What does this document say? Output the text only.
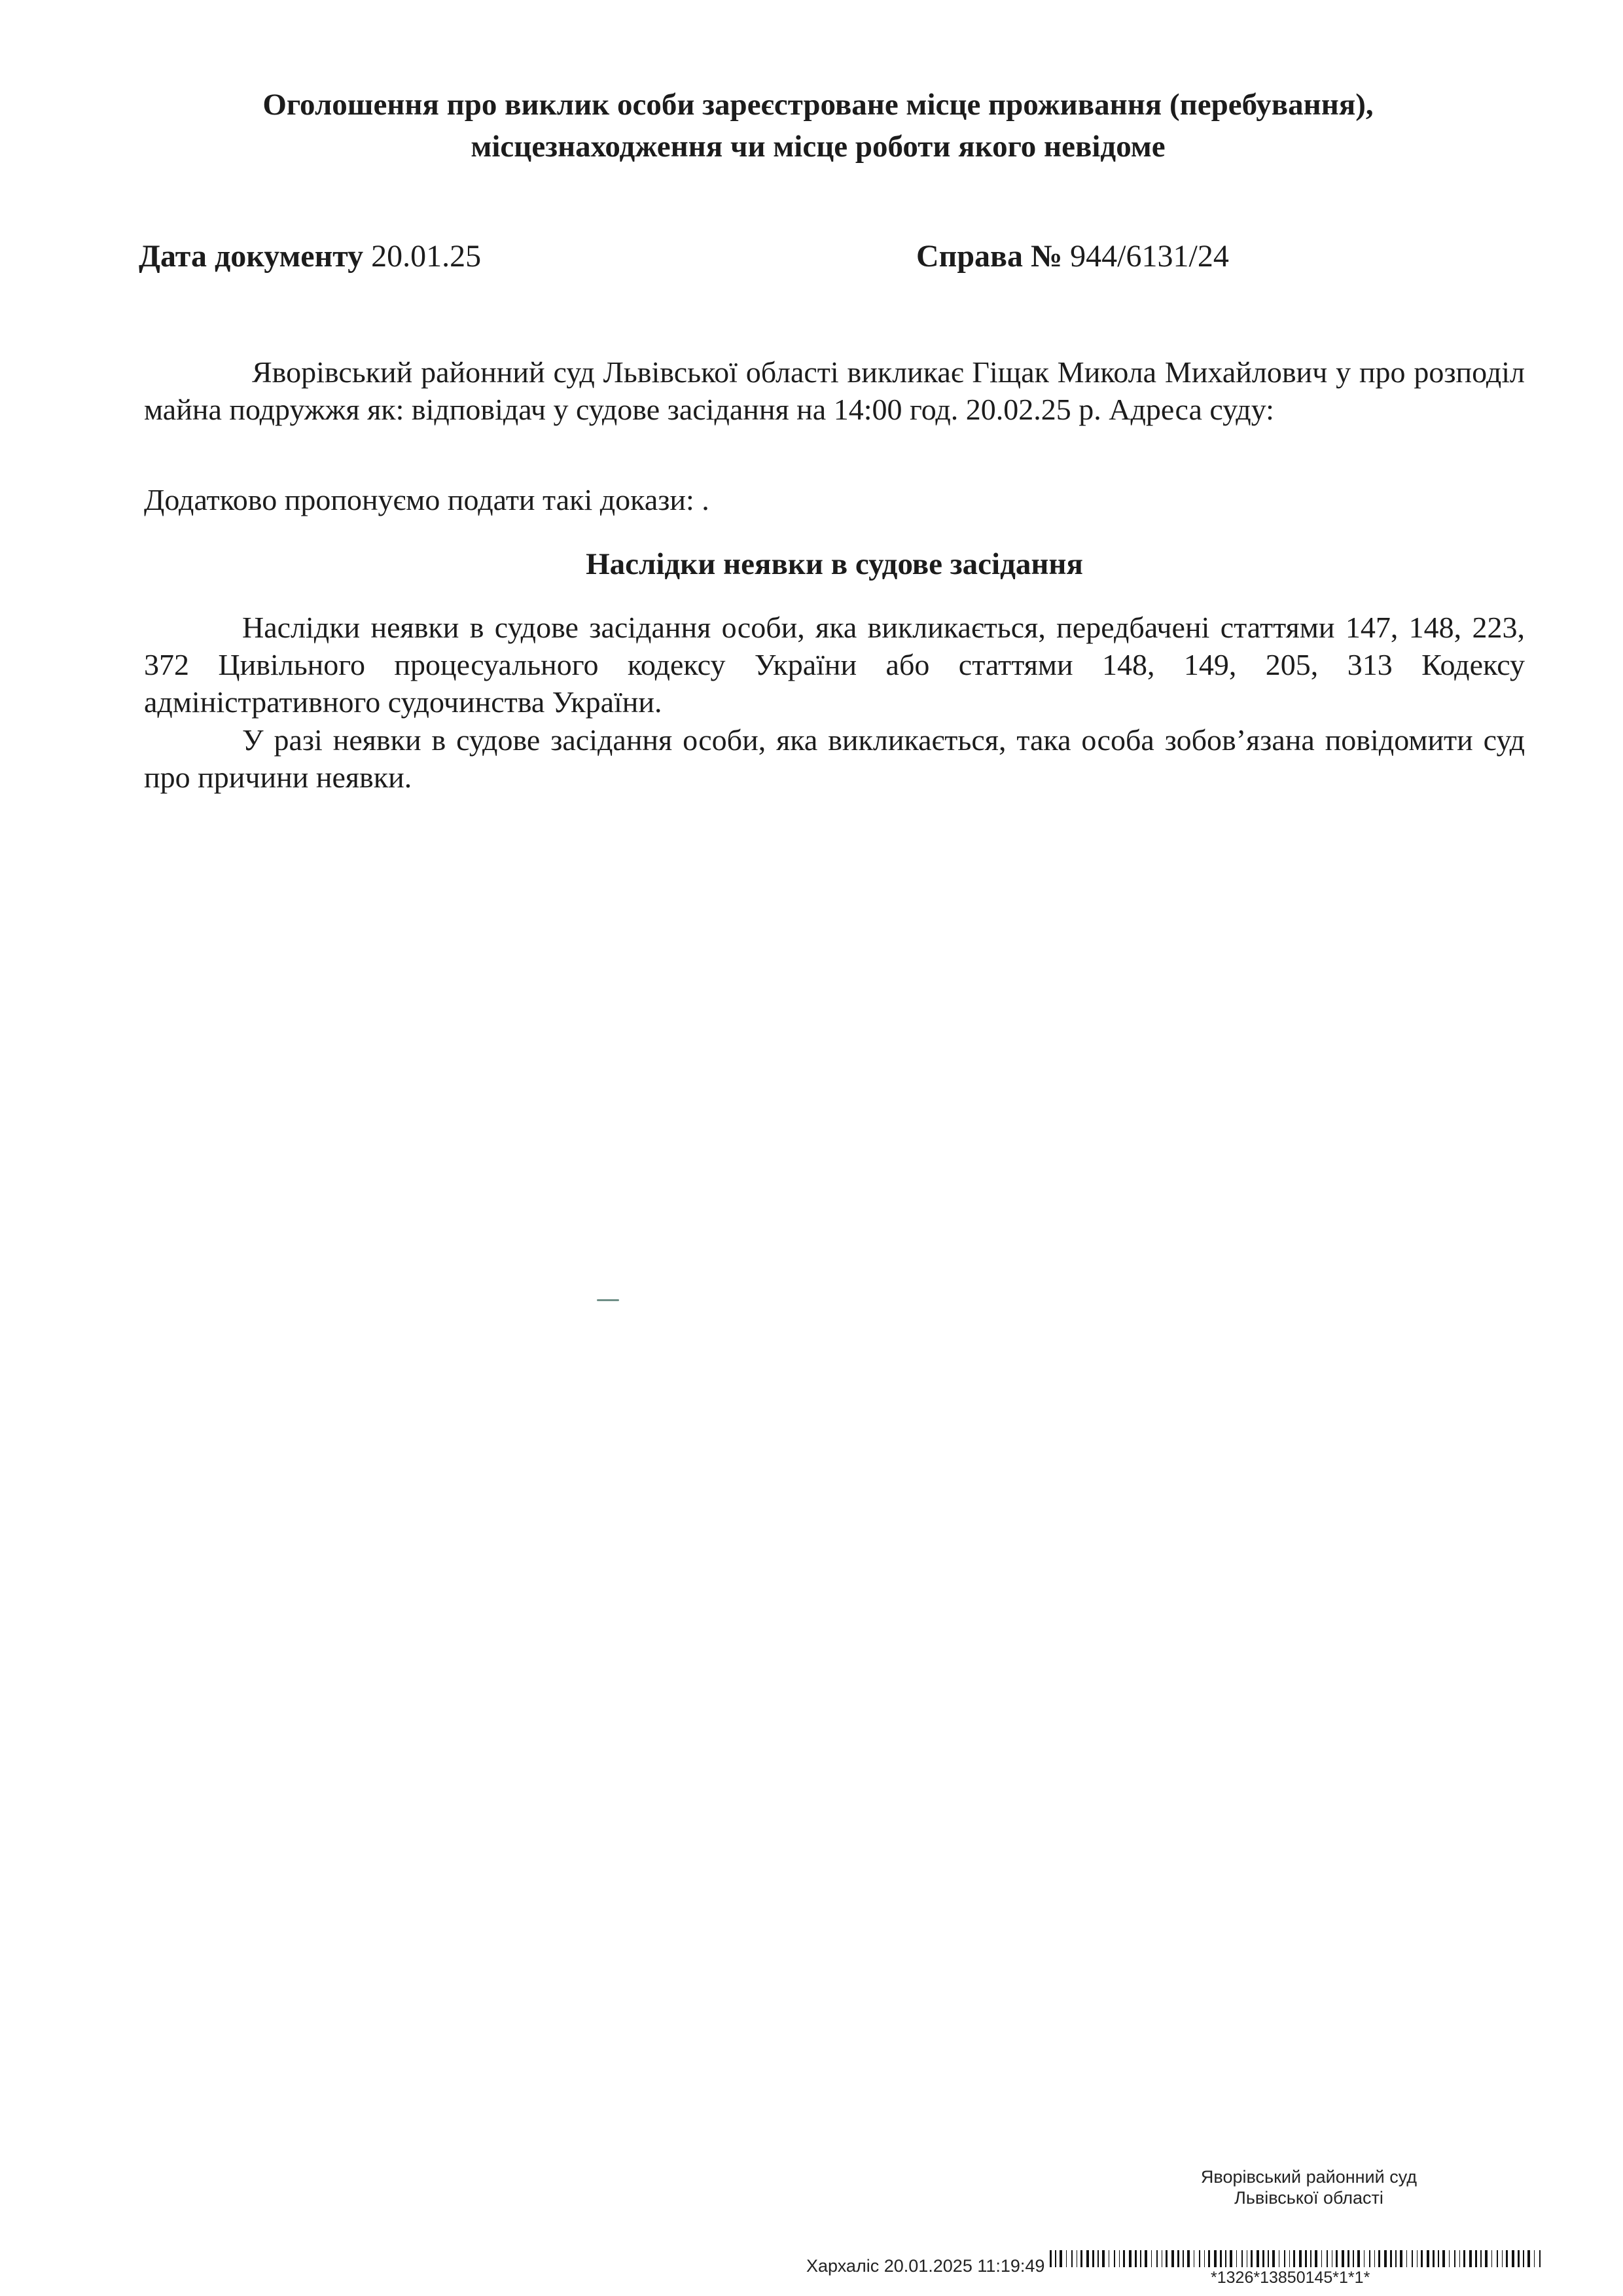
Оголошення про виклик особи зареєстроване місце проживання (перебування),
місцезнаходження чи місце роботи якого невідоме
Дата документу 20.01.25	Справа № 944/6131/24

Яворівський районний суд Львівської області викликає Гіщак Микола Михайлович у про розподіл майна подружжя як: відповідач у судове засідання на 14:00 год. 20.02.25 р. Адреса суду:

Додатково пропонуємо подати такі докази: .

Наслідки неявки в судове засідання

Наслідки неявки в судове засідання особи, яка викликається, передбачені статтями 147, 148, 223, 372 Цивільного процесуального кодексу України або статтями 148, 149, 205, 313 Кодексу адміністративного судочинства України.

У разі неявки в судове засідання особи, яка викликається, така особа зобов’язана повідомити суд про причини неявки.

Яворівський районний суд
Львівської області
Хархаліс 20.01.2025 11:19:49
*1326*13850145*1*1*
